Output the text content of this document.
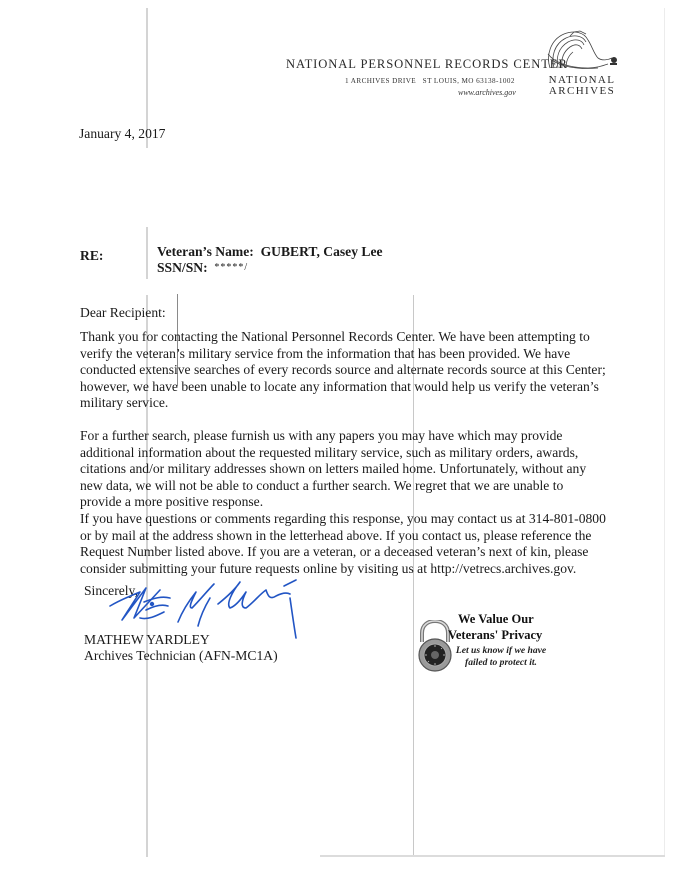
NATIONAL PERSONNEL RECORDS CENTER
1 ARCHIVES DRIVE   ST LOUIS, MO 63138-1002
www.archives.gov
NATIONAL
ARCHIVES
January 4, 2017
RE:	Veteran’s Name: GUBERT, Casey Lee
SSN/SN: *****/
Dear Recipient:
Thank you for contacting the National Personnel Records Center. We have been attempting to
verify the veteran’s military service from the information that has been provided. We have
conducted extensive searches of every records source and alternate records source at this Center;
however, we have been unable to locate any information that would help us verify the veteran’s
military service.
For a further search, please furnish us with any papers you may have which may provide
additional information about the requested military service, such as military orders, awards,
citations and/or military addresses shown on letters mailed home. Unfortunately, without any
new data, we will not be able to conduct a further search. We regret that we are unable to
provide a more positive response.
If you have questions or comments regarding this response, you may contact us at 314-801-0800
or by mail at the address shown in the letterhead above. If you contact us, please reference the
Request Number listed above. If you are a veteran, or a deceased veteran’s next of kin, please
consider submitting your future requests online by visiting us at http://vetrecs.archives.gov.
Sincerely,
MATHEW YARDLEY
Archives Technician (AFN-MC1A)
We Value Our
Veterans' Privacy
Let us know if we have
failed to protect it.
